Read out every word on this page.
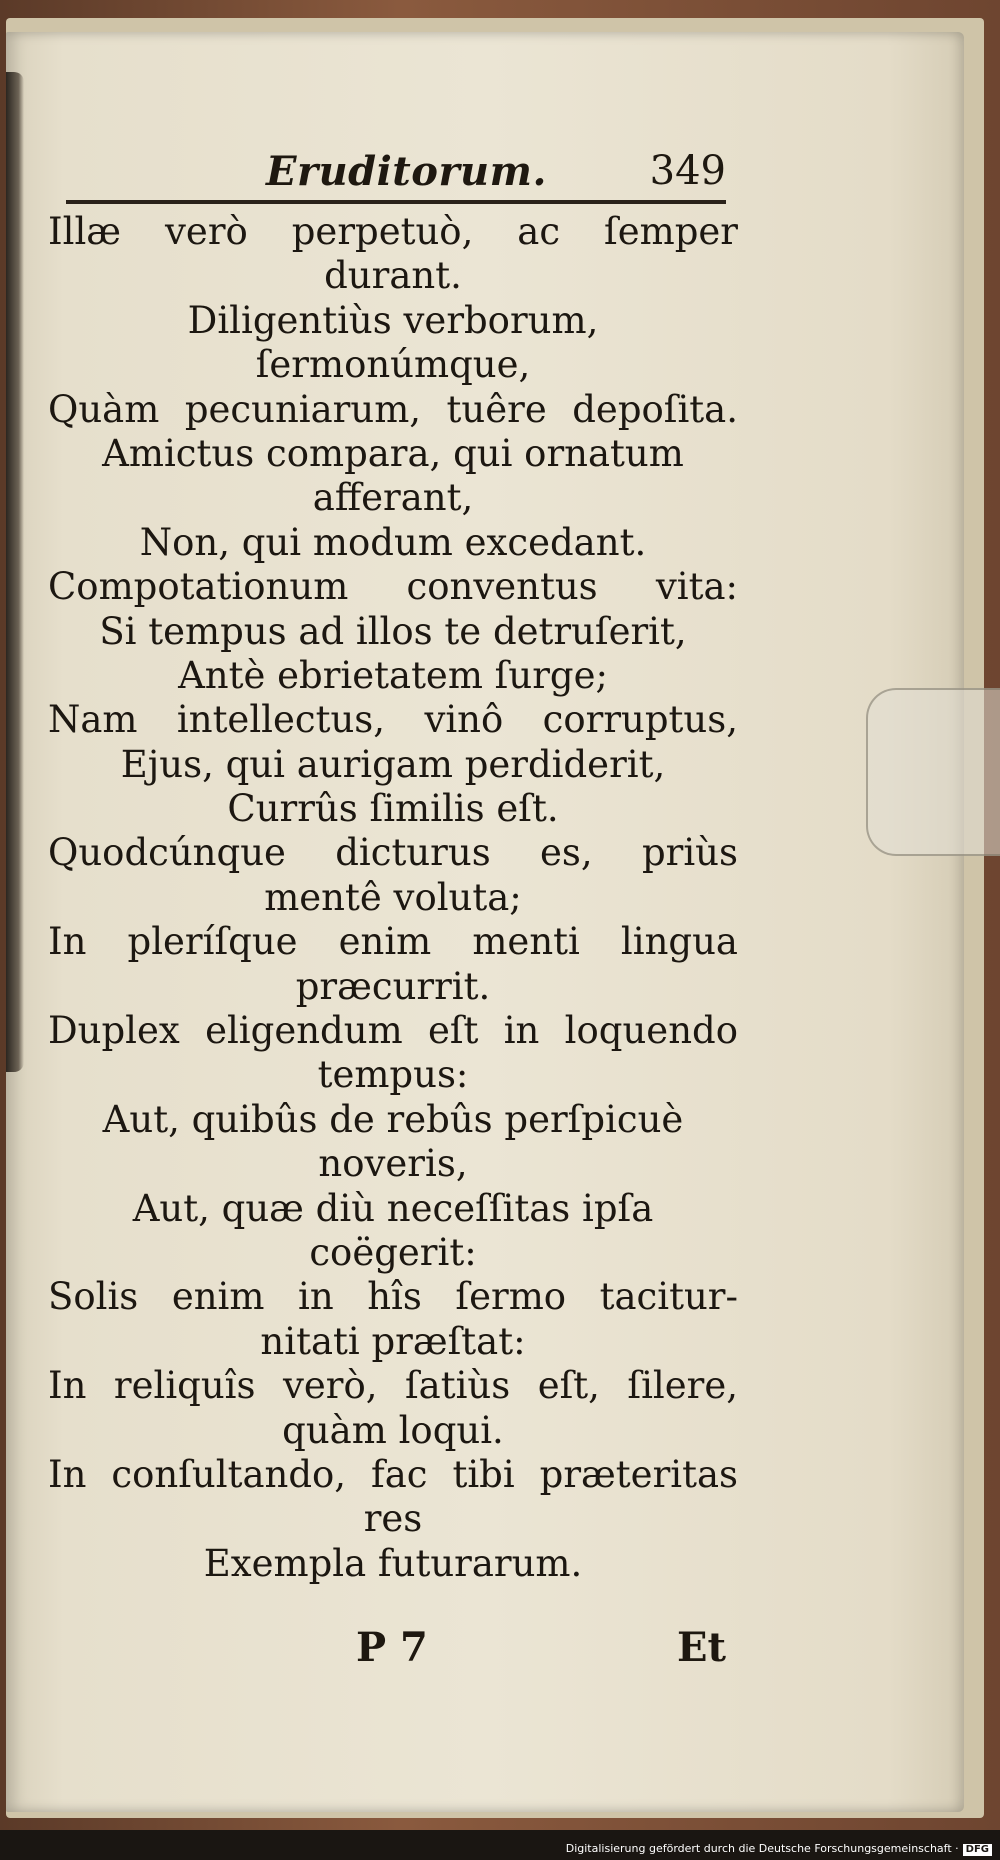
Eruditorum.	349
Illæ verò perpetuò, ac ſemper
durant.
Diligentiùs verborum,
ſermonúmque,
Quàm pecuniarum, tuêre depoſita.
Amictus compara, qui ornatum
afferant,
Non, qui modum excedant.
Compotationum conventus vita:
Si tempus ad illos te detruſerit,
Antè ebrietatem ſurge;
Nam intellectus, vinô corruptus,
Ejus, qui aurigam perdiderit,
Currûs ſimilis eſt.
Quodcúnque dicturus es, priùs
mentê voluta;
In pleríſque enim menti lingua
præcurrit.
Duplex eligendum eſt in loquendo
tempus:
Aut, quibûs de rebûs perſpicuè
noveris,
Aut, quæ diù neceſſitas ipſa
coëgerit:
Solis enim in hîs ſermo tacitur-
nitati præſtat:
In reliquîs verò, ſatiùs eſt, ſilere,
quàm loqui.
In conſultando, fac tibi præteritas
res
Exempla futurarum.
P 7	Et
Digitalisierung gefördert durch die Deutsche Forschungsgemeinschaft · DFG
